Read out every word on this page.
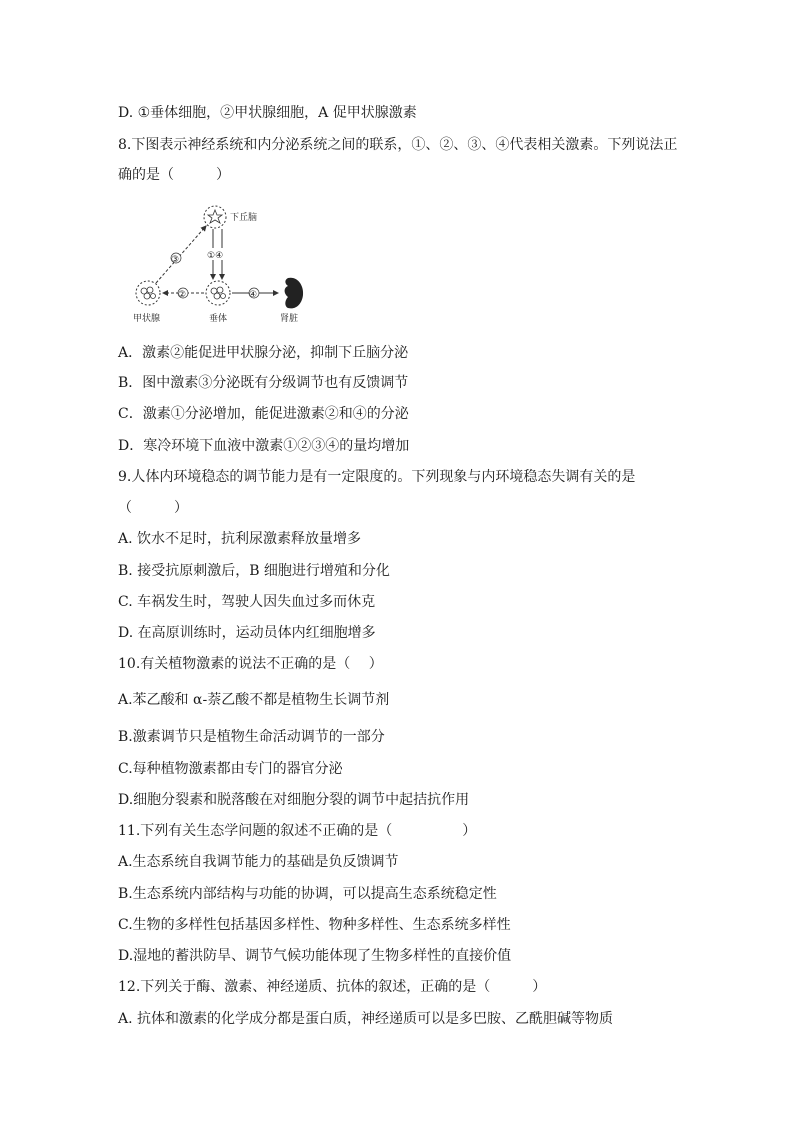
D. ①垂体细胞，②甲状腺细胞，A 促甲状腺激素
8.下图表示神经系统和内分泌系统之间的联系，①、②、③、④代表相关激素。下列说法正
确的是（　　　）
下丘脑
垂体
甲状腺	肾脏
③	①④
②	④
A．激素②能促进甲状腺分泌，抑制下丘脑分泌
B．图中激素③分泌既有分级调节也有反馈调节
C．激素①分泌增加，能促进激素②和④的分泌
D．寒冷环境下血液中激素①②③④的量均增加
9.人体内环境稳态的调节能力是有一定限度的。下列现象与内环境稳态失调有关的是
（　　　）
A. 饮水不足时，抗利尿激素释放量增多
B. 接受抗原刺激后，B 细胞进行增殖和分化
C. 车祸发生时，驾驶人因失血过多而休克
D. 在高原训练时，运动员体内红细胞增多
10.有关植物激素的说法不正确的是（　 ）
A.苯乙酸和 α-萘乙酸不都是植物生长调节剂
B.激素调节只是植物生命活动调节的一部分
C.每种植物激素都由专门的器官分泌
D.细胞分裂素和脱落酸在对细胞分裂的调节中起拮抗作用
11.下列有关生态学问题的叙述不正确的是（　　　　　）
A.生态系统自我调节能力的基础是负反馈调节
B.生态系统内部结构与功能的协调，可以提高生态系统稳定性
C.生物的多样性包括基因多样性、物种多样性、生态系统多样性
D.湿地的蓄洪防旱、调节气候功能体现了生物多样性的直接价值
12.下列关于酶、激素、神经递质、抗体的叙述，正确的是（　　　）
A. 抗体和激素的化学成分都是蛋白质，神经递质可以是多巴胺、乙酰胆碱等物质
